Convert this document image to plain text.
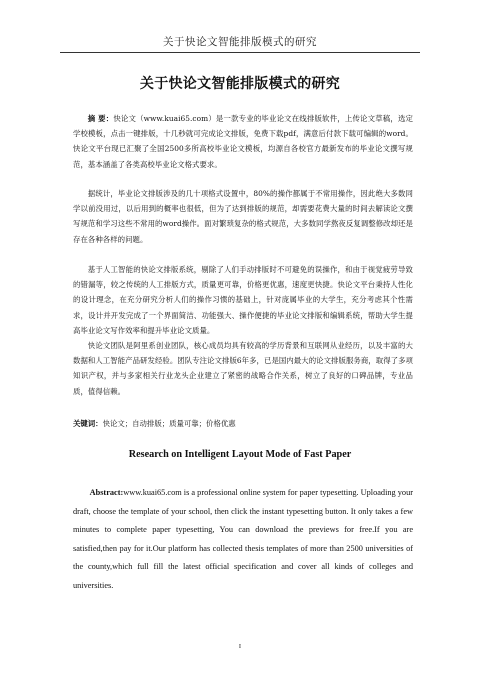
关于快论文智能排版模式的研究
关于快论文智能排版模式的研究

摘 要：快论文（www.kuai65.com）是一款专业的毕业论文在线排版软件，上传论文草稿，选定学校模板，点击一键排版，十几秒就可完成论文排版，免费下载pdf，满意后付款下载可编辑的word。快论文平台现已汇聚了全国2500多所高校毕业论文模板，均源自各校官方最新发布的毕业论文撰写规范，基本涵盖了各类高校毕业论文格式要求。

据统计，毕业论文排版涉及的几十项格式设置中，80%的操作都属于不常用操作，因此绝大多数同学以前没用过，以后用到的概率也很低，但为了达到排版的规范，却需要花费大量的时间去解读论文撰写规范和学习这些不常用的word操作。面对繁琐复杂的格式规范，大多数同学熬夜反复调整修改却还是存在各种各样的问题。

基于人工智能的快论文排版系统，剔除了人们手动排版时不可避免的误操作，和由于视觉疲劳导致的错漏等，较之传统的人工排版方式，质量更可靠，价格更优惠，速度更快捷。快论文平台秉持人性化的设计理念，在充分研究分析人们的操作习惯的基础上，针对庞属毕业的大学生，充分考虑其个性需求，设计并开发完成了一个界面简洁、功能强大、操作便捷的毕业论文排版和编辑系统，帮助大学生提高毕业论文写作效率和提升毕业论文质量。

快论文团队是阿里系创业团队，核心成员均具有较高的学历背景和互联网从业经历，以及丰富的大数据和人工智能产品研发经验。团队专注论文排版6年多，已是国内最大的论文排版服务商，取得了多项知识产权，并与多家相关行业龙头企业建立了紧密的战略合作关系，树立了良好的口碑品牌，专业品质，值得信赖。

关键词：快论文；自动排版；质量可靠；价格优惠
Research on Intelligent Layout Mode of Fast Paper

Abstract:www.kuai65.com is a professional online system for paper typesetting. Uploading your draft, choose the template of your school, then click the instant typesetting button. It only takes a few minutes to complete paper typesetting, You can download the previews for free.If you are satisfied,then pay for it.Our platform has collected thesis templates of more than 2500 universities of the county,which full fill the latest official specification and cover all kinds of colleges and universities.

I
